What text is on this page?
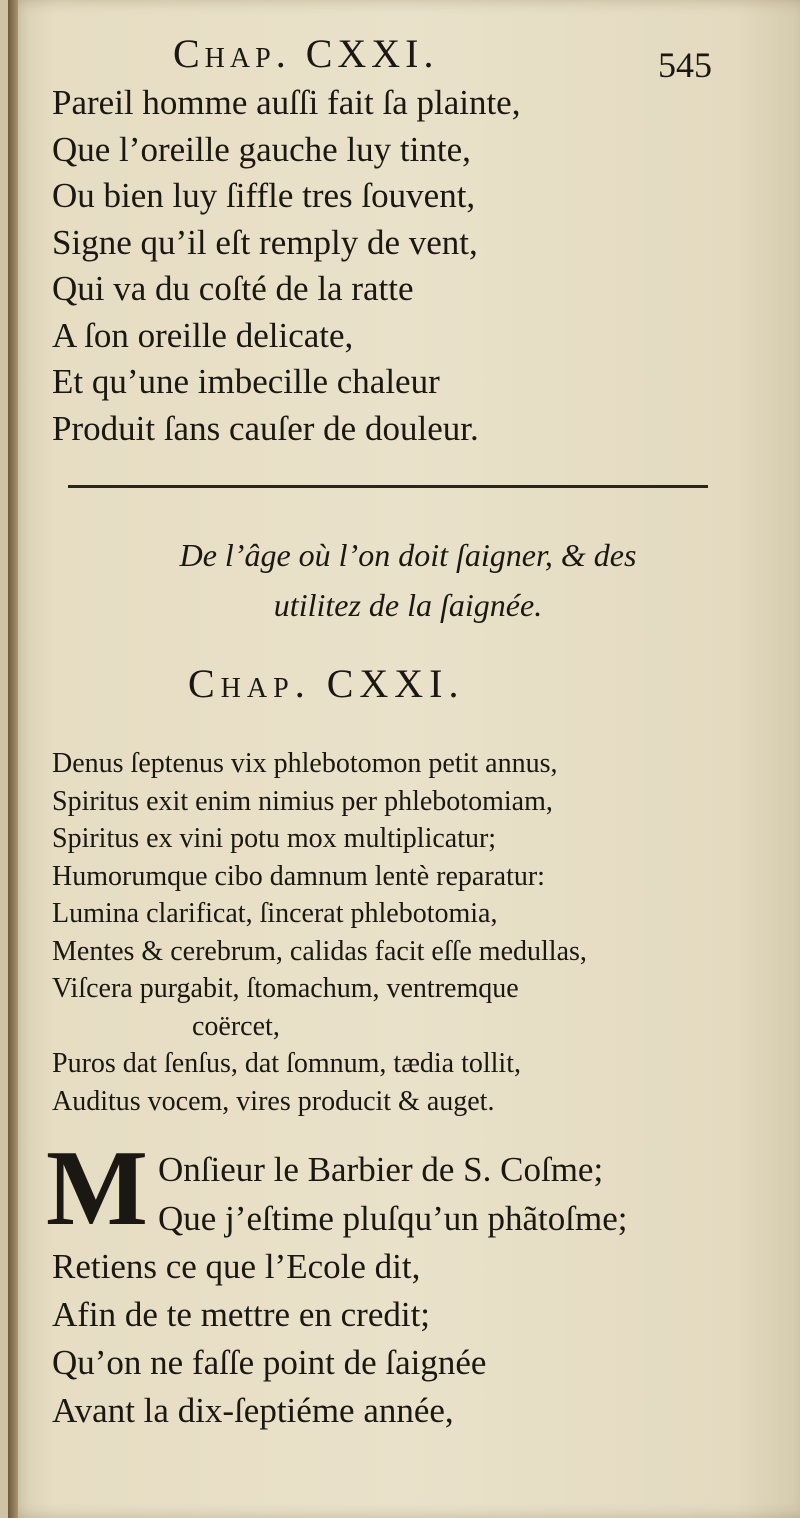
Chap. CXXI.	545
Pareil homme auſſi fait ſa plainte,
Que l’oreille gauche luy tinte,
Ou bien luy ſiffle tres ſouvent,
Signe qu’il eſt remply de vent,
Qui va du coſté de la ratte
A ſon oreille delicate,
Et qu’une imbecille chaleur
Produit ſans cauſer de douleur.
De l’âge où l’on doit ſaigner, & des
utilitez de la ſaignée.
Chap. CXXI.
Denus ſeptenus vix phlebotomon petit annus,
Spiritus exit enim nimius per phlebotomiam,
Spiritus ex vini potu mox multiplicatur;
Humorumque cibo damnum lentè reparatur:
Lumina clarificat, ſincerat phlebotomia,
Mentes & cerebrum, calidas facit eſſe medullas,
Viſcera purgabit, ſtomachum, ventremque
coërcet,
Puros dat ſenſus, dat ſomnum, tædia tollit,
Auditus vocem, vires producit & auget.
M Onſieur le Barbier de S. Coſme;
Que j’eſtime pluſqu’un phãtoſme;
Retiens ce que l’Ecole dit,
Afin de te mettre en credit;
Qu’on ne faſſe point de ſaignée
Avant la dix-ſeptiéme année,
